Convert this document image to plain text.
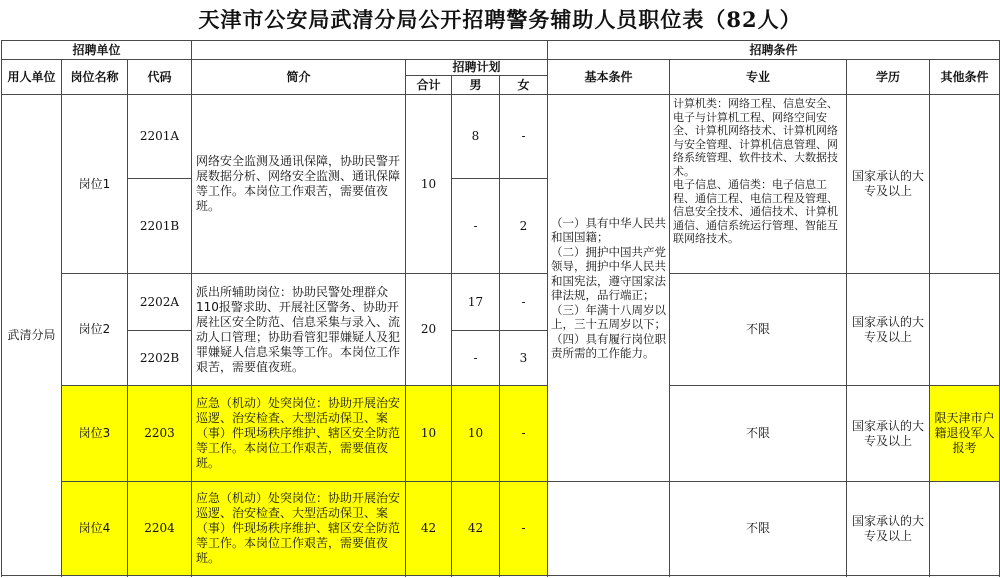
天津市公安局武清分局公开招聘警务辅助人员职位表（82人）
招聘单位							招聘条件			
用人单位	岗位名称	代码	简介	招聘计划			基本条件	专业	学历	其他条件
				合计	男	女				
武清分局	岗位1	2201A	网络安全监测及通讯保障，协助民警开展数据分析、网络安全监测、通讯保障等工作。本岗位工作艰苦，需要值夜班。	10	8	-	（一）具有中华人民共和国国籍；
（二）拥护中国共产党领导，拥护中华人民共和国宪法，遵守国家法律法规，品行端正；
（三）年满十八周岁以上，三十五周岁以下；
（四）具有履行岗位职责所需的工作能力。	计算机类：网络工程、信息安全、电子与计算机工程、网络空间安全、计算机网络技术、计算机网络与安全管理、计算机信息管理、网络系统管理、软件技术、大数据技术。
电子信息、通信类：电子信息工程、通信工程、电信工程及管理、信息安全技术、通信技术、计算机通信、通信系统运行管理、智能互联网络技术。	国家承认的大专及以上	
		2201B			-	2				
	岗位2	2202A	派出所辅助岗位：协助民警处理群众110报警求助、开展社区警务、协助开展社区安全防范、信息采集与录入、流动人口管理；协助看管犯罪嫌疑人及犯罪嫌疑人信息采集等工作。本岗位工作艰苦，需要值夜班。	20	17	-		不限	国家承认的大专及以上	
		2202B			-	3				
	岗位3	2203	应急（机动）处突岗位：协助开展治安巡逻、治安检查、大型活动保卫、案（事）件现场秩序维护、辖区安全防范等工作。本岗位工作艰苦，需要值夜班。	10	10	-		不限	国家承认的大专及以上	限天津市户籍退役军人报考

	岗位4	2204	应急（机动）处突岗位：协助开展治安巡逻、治安检查、大型活动保卫、案（事）件现场秩序维护、辖区安全防范等工作。本岗位工作艰苦，需要值夜班。	42	42	-		不限	国家承认的大专及以上	
